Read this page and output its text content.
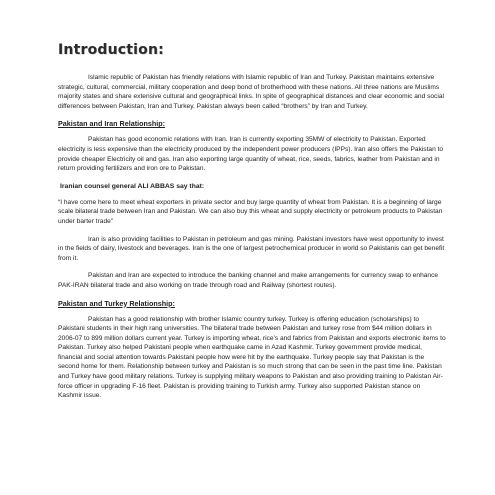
Introduction:

Islamic republic of Pakistan has friendly relations with Islamic republic of Iran and Turkey. Pakistan maintains extensive strategic, cultural, commercial, military cooperation and deep bond of brotherhood with these nations. All three nations are Muslims majority states and share extensive cultural and geographical links. In spite of geographical distances and clear economic and social differences between Pakistan, Iran and Turkey. Pakistan always been called “brothers” by Iran and Turkey.

Pakistan and Iran Relationship:

Pakistan has good economic relations with Iran. Iran is currently exporting 35MW of electricity to Pakistan. Exported electricity is less expensive than the electricity produced by the independent power producers (IPPs). Iran also offers the Pakistan to provide cheaper Electricity oil and gas. Iran also exporting large quantity of wheat, rice, seeds, fabrics, leather from Pakistan and in return providing fertilizers and iron ore to Pakistan.

Iranian counsel general ALI ABBAS say that:

“I have come here to meet wheat exporters in private sector and buy large quantity of wheat from Pakistan. It is a beginning of large scale bilateral trade between Iran and Pakistan. We can also buy this wheat and supply electricity or petroleum products to Pakistan under barter trade”

Iran is also providing facilities to Pakistan in petroleum and gas mining. Pakistani investors have west opportunity to invest in the fields of dairy, livestock and beverages. Iran is the one of largest petrochemical producer in world so Pakistanis can get benefit from it.

Pakistan and Iran are expected to introduce the banking channel and make arrangements for currency swap to enhance PAK-IRAN bilateral trade and also working on trade through road and Railway (shortest routes).

Pakistan and Turkey Relationship:

Pakistan has a good relationship with brother Islamic country turkey. Turkey is offering education (scholarships) to Pakistani students in their high rang universities. The bilateral trade between Pakistan and turkey rose from $44 million dollars in 2006-07 to 899 million dollars current year. Turkey is importing wheat, rice’s and fabrics from Pakistan and exports electronic items to Pakistan. Turkey also helped Pakistani people when earthquake came in Azad Kashmir. Turkey government provide medical, financial and social attention towards Pakistani people how were hit by the earthquake. Turkey people say that Pakistan is the second home for them. Relationship between turkey and Pakistan is so much strong that can be seen in the past time line. Pakistan and Turkey have good military relations. Turkey is supplying military weapons to Pakistan and also providing training to Pakistan Air-force officer in upgrading F-16 fleet. Pakistan is providing training to Turkish army. Turkey also supported Pakistan stance on Kashmir issue.
